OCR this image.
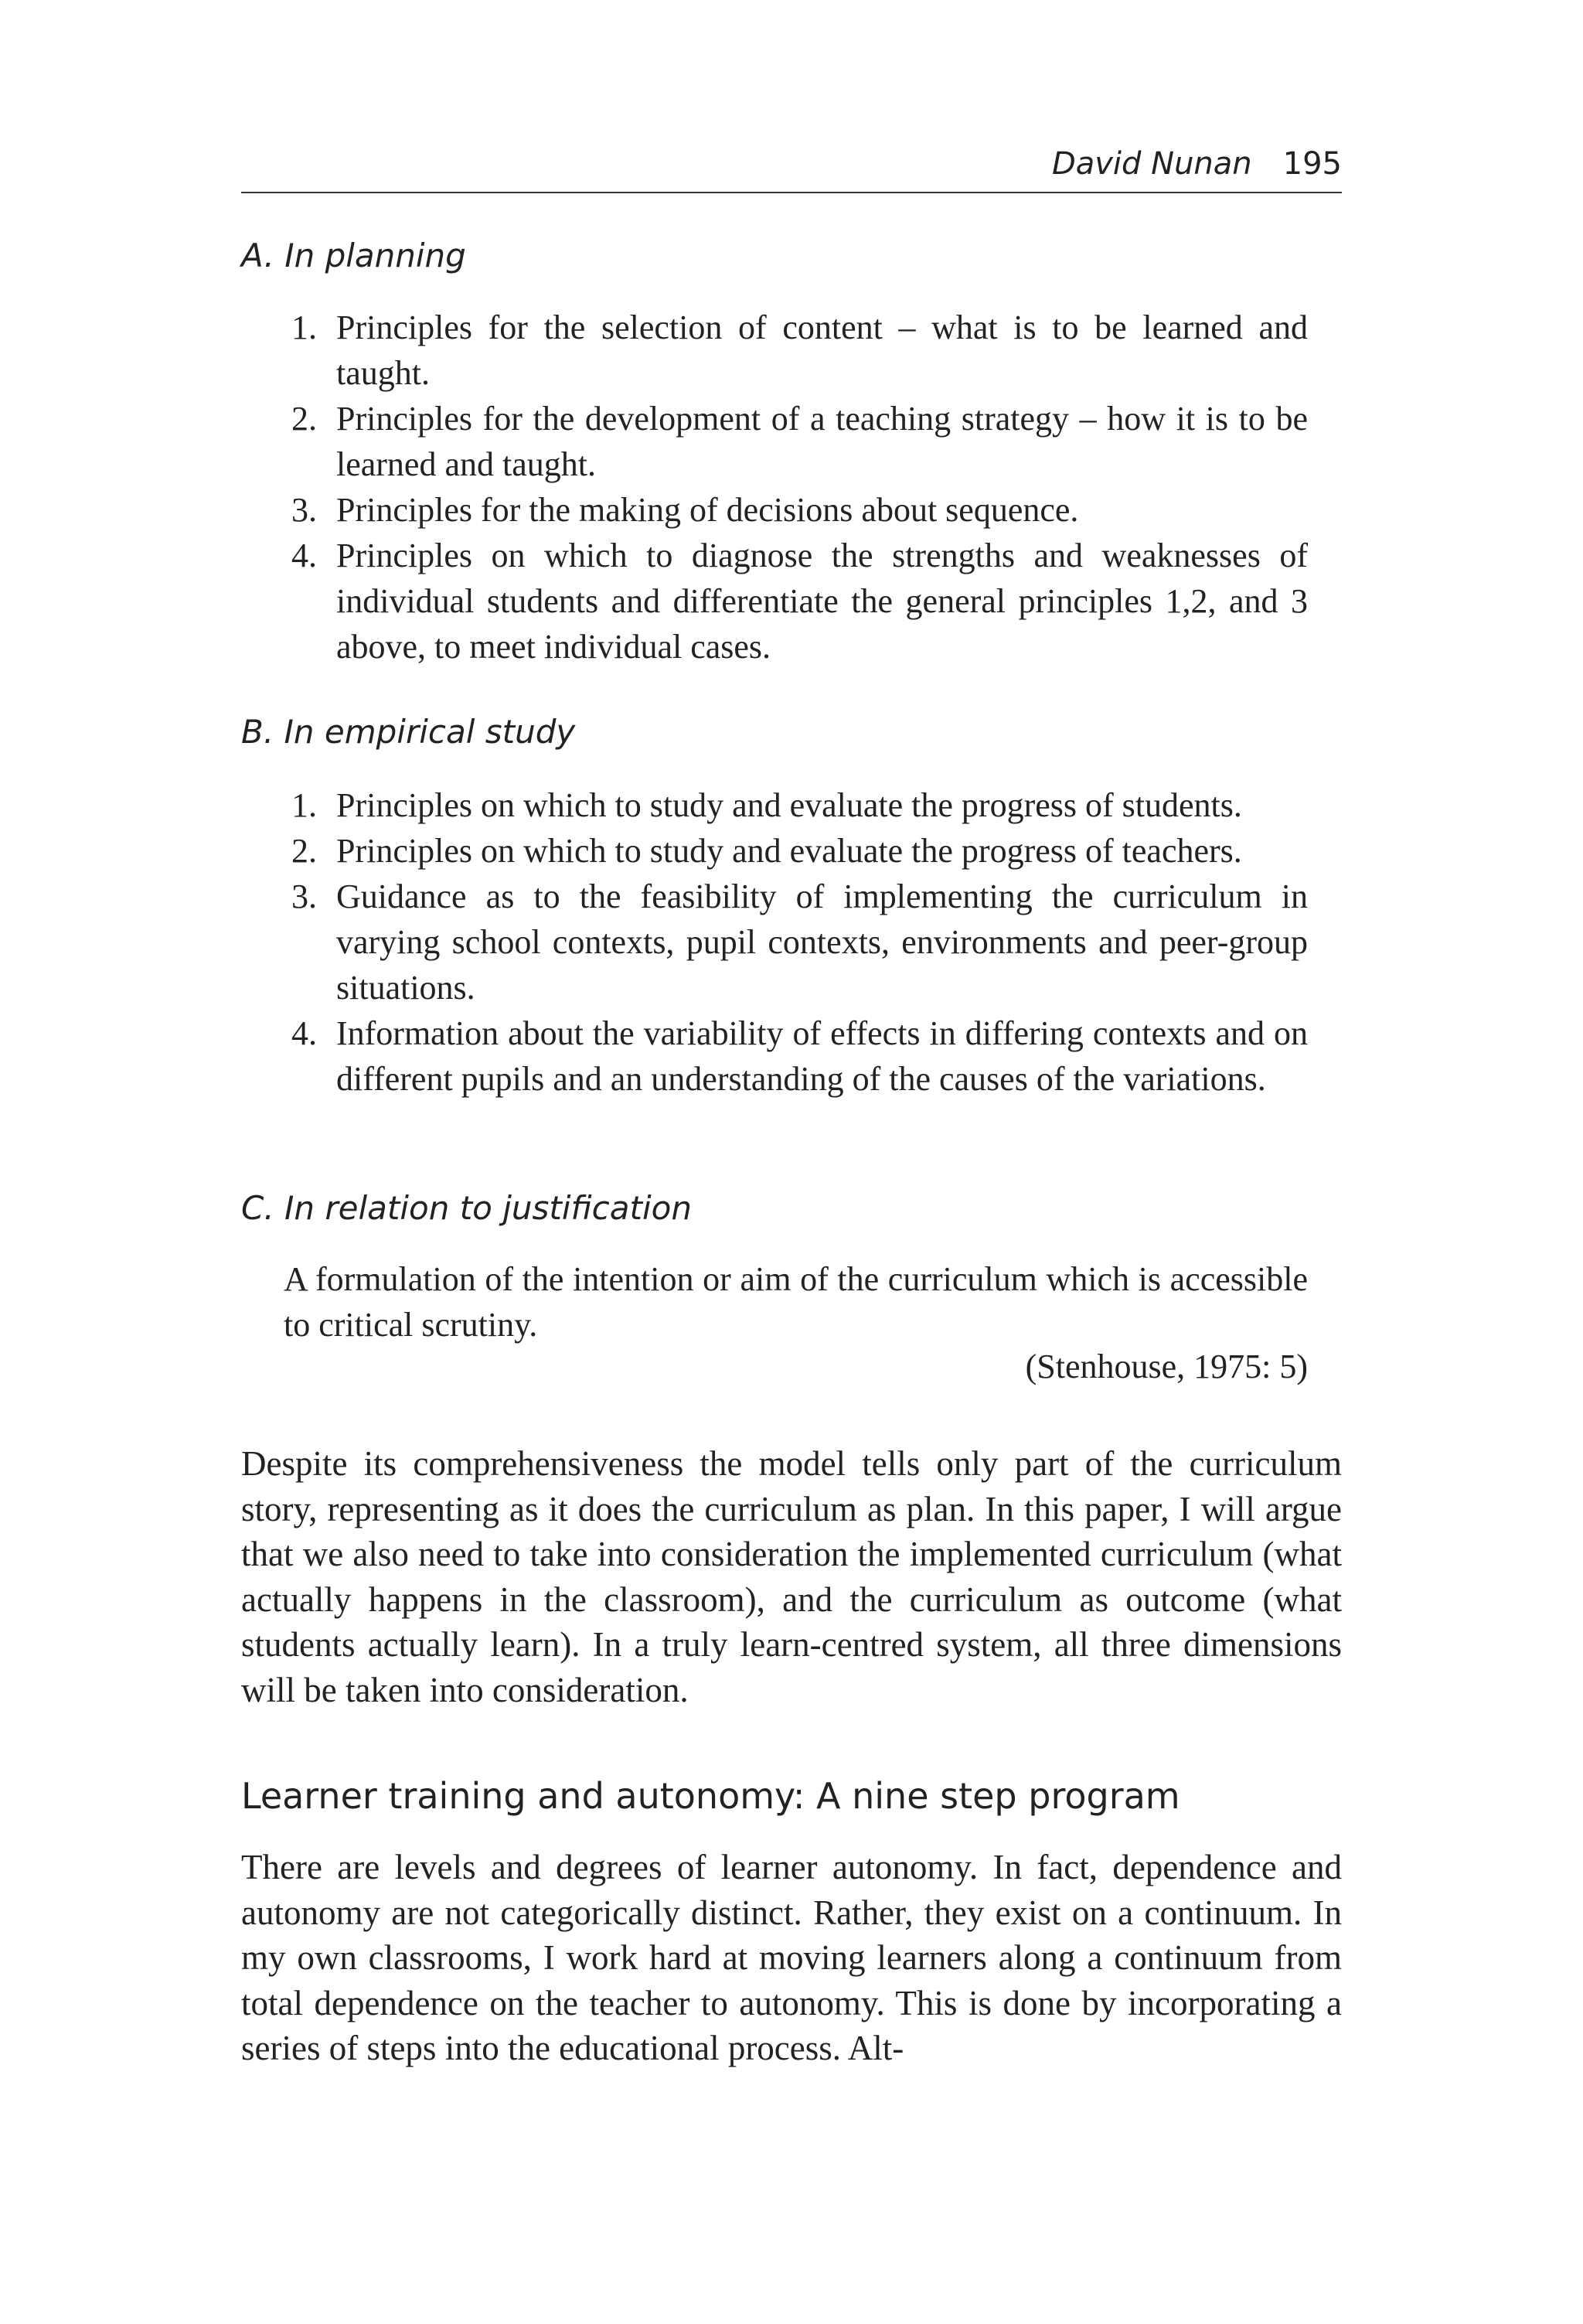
David Nunan 195
A. In planning
1. Principles for the selection of content – what is to be learned and taught.
2. Principles for the development of a teaching strategy – how it is to be learned and taught.
3. Principles for the making of decisions about sequence.
4. Principles on which to diagnose the strengths and weaknesses of individual students and differentiate the general principles 1,2, and 3 above, to meet individual cases.
B. In empirical study
1. Principles on which to study and evaluate the progress of students.
2. Principles on which to study and evaluate the progress of teachers.
3. Guidance as to the feasibility of implementing the curriculum in varying school contexts, pupil contexts, environments and peer-group situations.
4. Information about the variability of effects in differing contexts and on different pupils and an understanding of the causes of the variations.
C. In relation to justification
A formulation of the intention or aim of the curriculum which is accessible to critical scrutiny.
(Stenhouse, 1975: 5)
Despite its comprehensiveness the model tells only part of the curriculum story, representing as it does the curriculum as plan. In this paper, I will argue that we also need to take into consideration the implemented curriculum (what actually happens in the classroom), and the curriculum as outcome (what students actually learn). In a truly learn-centred system, all three dimensions will be taken into consideration.
Learner training and autonomy: A nine step program
There are levels and degrees of learner autonomy. In fact, dependence and autonomy are not categorically distinct. Rather, they exist on a continuum. In my own classrooms, I work hard at moving learners along a continuum from total dependence on the teacher to autonomy. This is done by incorporating a series of steps into the educational process. Alt-
